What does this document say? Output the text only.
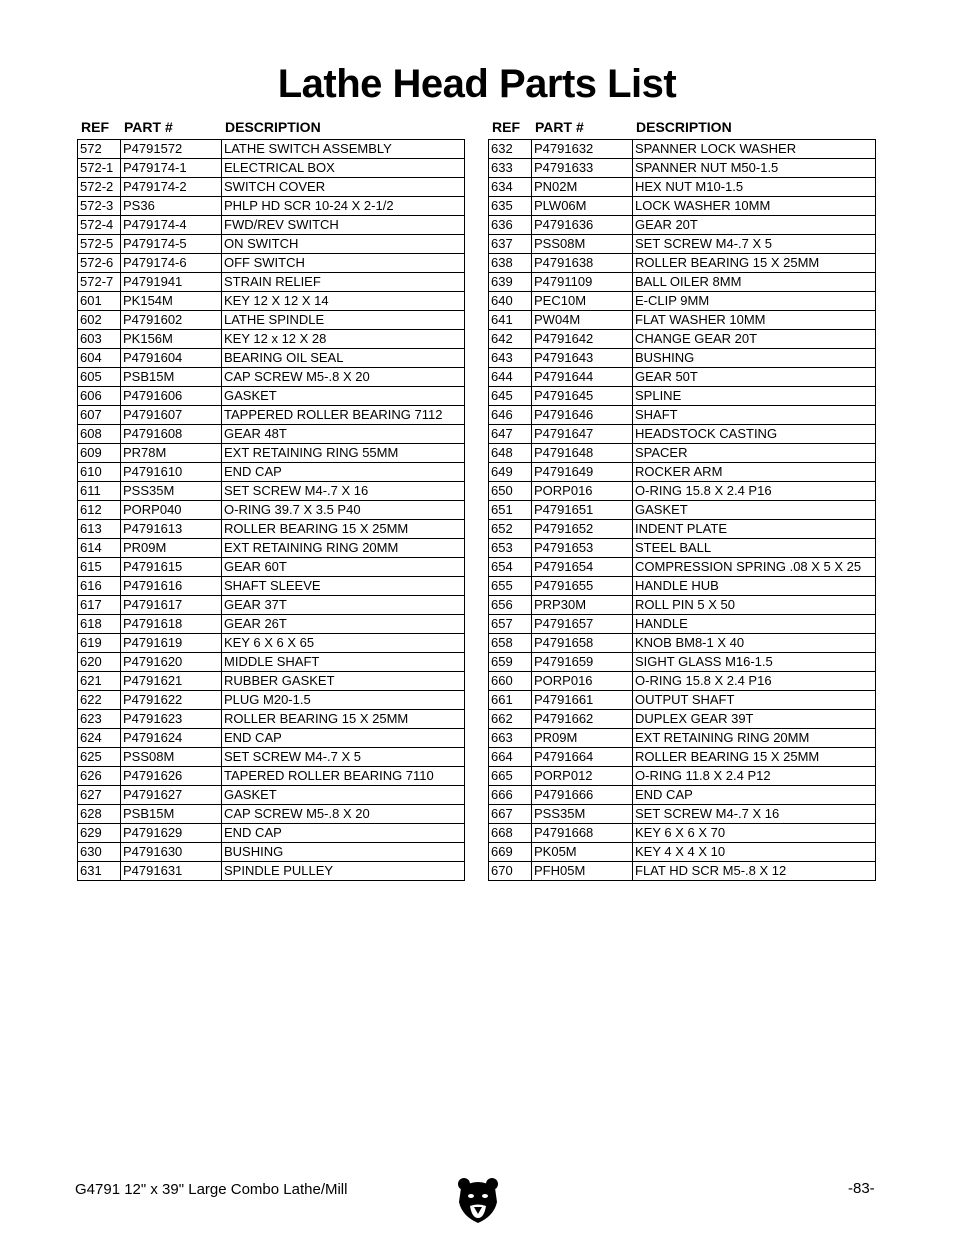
Lathe Head Parts List
REF PART #	DESCRIPTION
572	P4791572	LATHE SWITCH ASSEMBLY
572-1 P479174-1	ELECTRICAL BOX
572-2 P479174-2	SWITCH COVER
572-3 PS36	PHLP HD SCR 10-24 X 2-1/2
572-4 P479174-4	FWD/REV SWITCH
572-5 P479174-5	ON SWITCH
572-6 P479174-6	OFF SWITCH
572-7 P4791941	STRAIN RELIEF
601	PK154M	KEY 12 X 12 X 14
602	P4791602	LATHE SPINDLE
603	PK156M	KEY 12 x 12 X 28
604	P4791604	BEARING OIL SEAL
605	PSB15M	CAP SCREW M5-.8 X 20
606	P4791606	GASKET
607	P4791607	TAPPERED ROLLER BEARING 7112
608	P4791608	GEAR 48T
609	PR78M	EXT RETAINING RING 55MM
610	P4791610	END CAP
611	PSS35M	SET SCREW M4-.7 X 16
612	PORP040	O-RING 39.7 X 3.5 P40
613	P4791613	ROLLER BEARING 15 X 25MM
614	PR09M	EXT RETAINING RING 20MM
615	P4791615	GEAR 60T
616	P4791616	SHAFT SLEEVE
617	P4791617	GEAR 37T
618	P4791618	GEAR 26T
619	P4791619	KEY 6 X 6 X 65
620	P4791620	MIDDLE SHAFT
621	P4791621	RUBBER GASKET
622	P4791622	PLUG M20-1.5
623	P4791623	ROLLER BEARING 15 X 25MM
624	P4791624	END CAP
625	PSS08M	SET SCREW M4-.7 X 5
626	P4791626	TAPERED ROLLER BEARING 7110
627	P4791627	GASKET
628	PSB15M	CAP SCREW M5-.8 X 20
629	P4791629	END CAP
630	P4791630	BUSHING
631	P4791631	SPINDLE PULLEY
REF PART #	DESCRIPTION
632	P4791632	SPANNER LOCK WASHER
633	P4791633	SPANNER NUT M50-1.5
634	PN02M	HEX NUT M10-1.5
635	PLW06M	LOCK WASHER 10MM
636	P4791636	GEAR 20T
637	PSS08M	SET SCREW M4-.7 X 5
638	P4791638	ROLLER BEARING 15 X 25MM
639	P4791109	BALL OILER 8MM
640	PEC10M	E-CLIP 9MM
641	PW04M	FLAT WASHER 10MM
642	P4791642	CHANGE GEAR 20T
643	P4791643	BUSHING
644	P4791644	GEAR 50T
645	P4791645	SPLINE
646	P4791646	SHAFT
647	P4791647	HEADSTOCK CASTING
648	P4791648	SPACER
649	P4791649	ROCKER ARM
650	PORP016	O-RING 15.8 X 2.4 P16
651	P4791651	GASKET
652	P4791652	INDENT PLATE
653	P4791653	STEEL BALL
654	P4791654	COMPRESSION SPRING .08 X 5 X 25
655	P4791655	HANDLE HUB
656	PRP30M	ROLL PIN 5 X 50
657	P4791657	HANDLE
658	P4791658	KNOB BM8-1 X 40
659	P4791659	SIGHT GLASS M16-1.5
660	PORP016	O-RING 15.8 X 2.4 P16
661	P4791661	OUTPUT SHAFT
662	P4791662	DUPLEX GEAR 39T
663	PR09M	EXT RETAINING RING 20MM
664	P4791664	ROLLER BEARING 15 X 25MM
665	PORP012	O-RING 11.8 X 2.4 P12
666	P4791666	END CAP
667	PSS35M	SET SCREW M4-.7 X 16
668	P4791668	KEY 6 X 6 X 70
669	PK05M	KEY 4 X 4 X 10
670	PFH05M	FLAT HD SCR M5-.8 X 12
G4791 12" x 39" Large Combo Lathe/Mill	-83-
